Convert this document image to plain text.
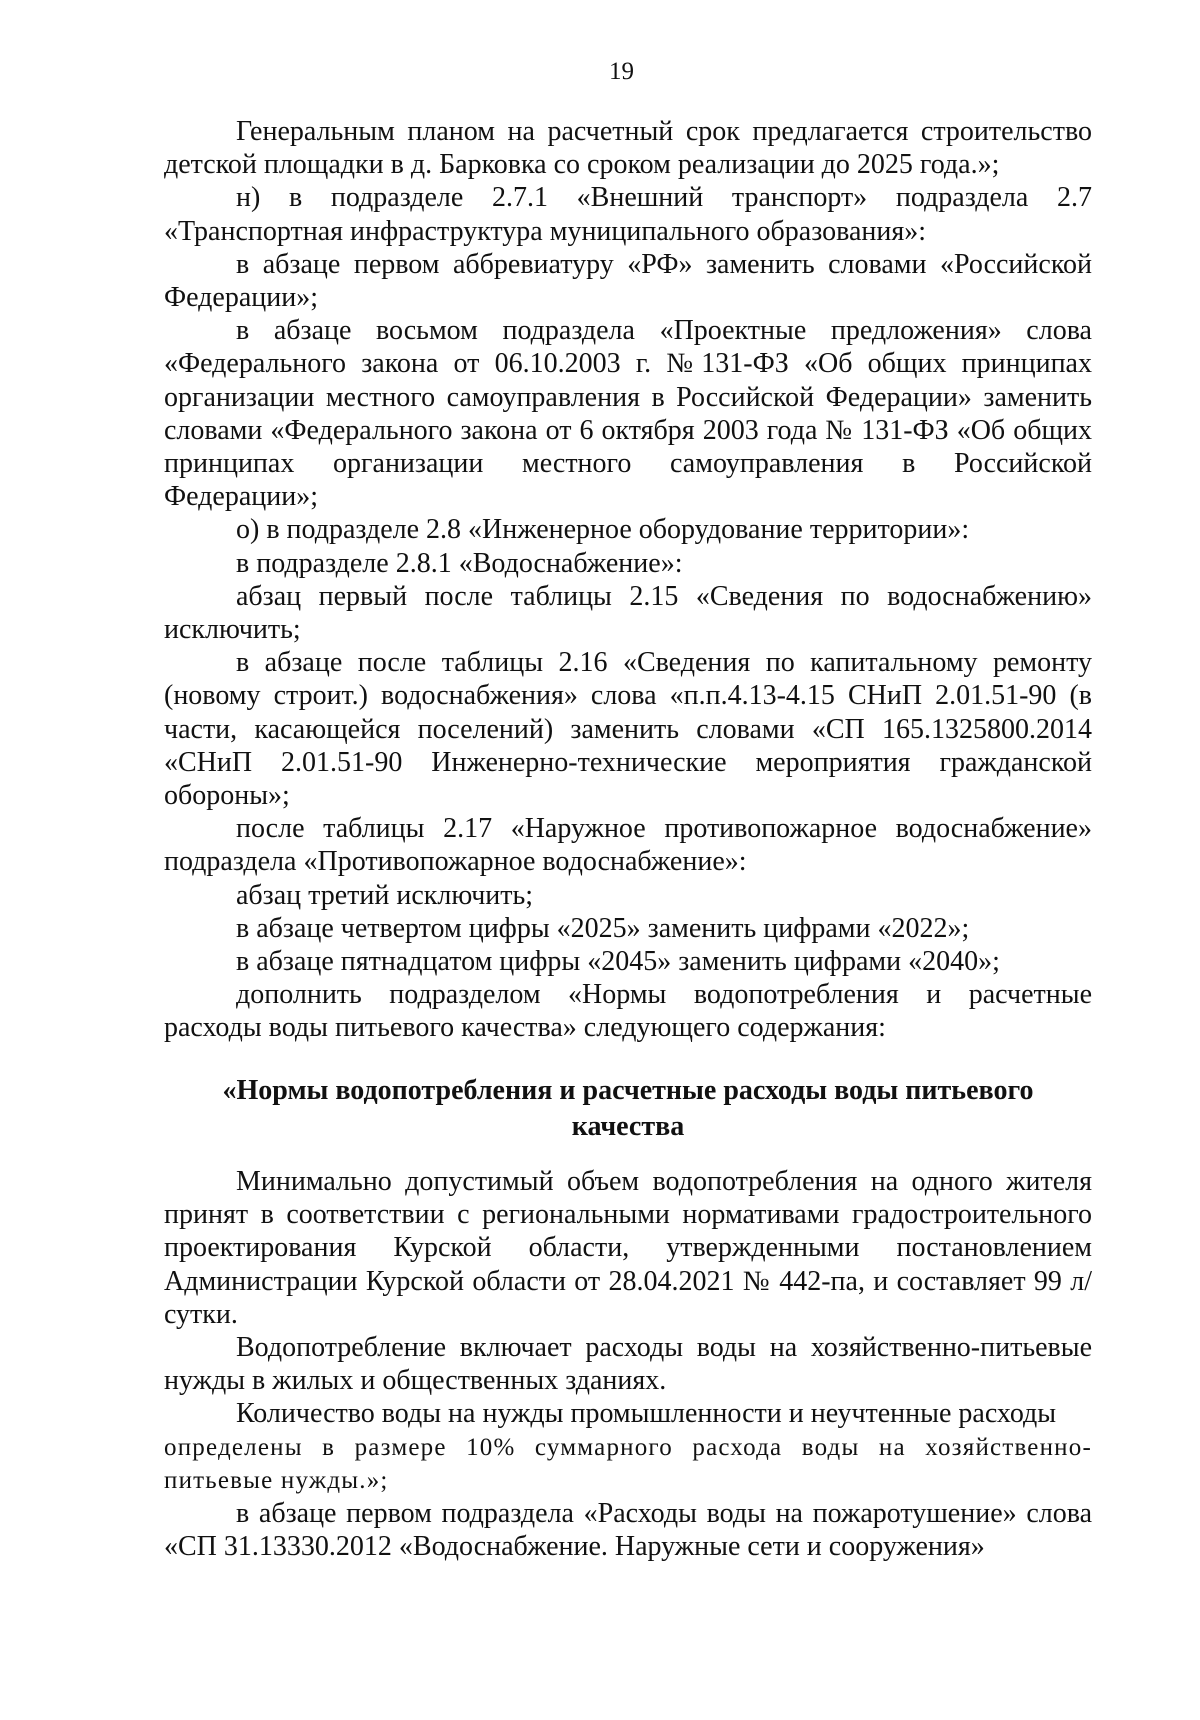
19

Генеральным планом на расчетный срок предлагается строительство детской площадки в д. Барковка со сроком реализации до 2025 года.»;

н) в подразделе 2.7.1 «Внешний транспорт» подраздела 2.7 «Транспортная инфраструктура муниципального образования»:

в абзаце первом аббревиатуру «РФ» заменить словами «Российской Федерации»;

в абзаце восьмом подраздела «Проектные предложения» слова «Федерального закона от 06.10.2003 г. №131-ФЗ «Об общих принципах организации местного самоуправления в Российской Федерации» заменить словами «Федерального закона от 6 октября 2003 года № 131-ФЗ «Об общих принципах организации местного самоуправления в Российской Федерации»;

о) в подразделе 2.8 «Инженерное оборудование территории»:

в подразделе 2.8.1 «Водоснабжение»:

абзац первый после таблицы 2.15 «Сведения по водоснабжению» исключить;

в абзаце после таблицы 2.16 «Сведения по капитальному ремонту (новому строит.) водоснабжения» слова «п.п.4.13-4.15 СНиП 2.01.51-90 (в части, касающейся поселений) заменить словами «СП 165.1325800.2014 «СНиП 2.01.51-90 Инженерно-технические мероприятия гражданской обороны»;

после таблицы 2.17 «Наружное противопожарное водоснабжение» подраздела «Противопожарное водоснабжение»:

абзац третий исключить;

в абзаце четвертом цифры «2025» заменить цифрами «2022»;

в абзаце пятнадцатом цифры «2045» заменить цифрами «2040»;

дополнить подразделом «Нормы водопотребления и расчетные расходы воды питьевого качества» следующего содержания:

«Нормы водопотребления и расчетные расходы воды питьевого
качества

Минимально допустимый объем водопотребления на одного жителя принят в соответствии с региональными нормативами градостроительного проектирования Курской области, утвержденными постановлением Администрации Курской области от 28.04.2021 № 442-па, и составляет 99 л/сутки.

Водопотребление включает расходы воды на хозяйственно-питьевые нужды в жилых и общественных зданиях.

Количество воды на нужды промышленности и неучтенные расходы

определены в размере 10% суммарного расхода воды на хозяйственно-питьевые нужды.»;

в абзаце первом подраздела «Расходы воды на пожаротушение» слова «СП 31.13330.2012 «Водоснабжение. Наружные сети и сооружения»
